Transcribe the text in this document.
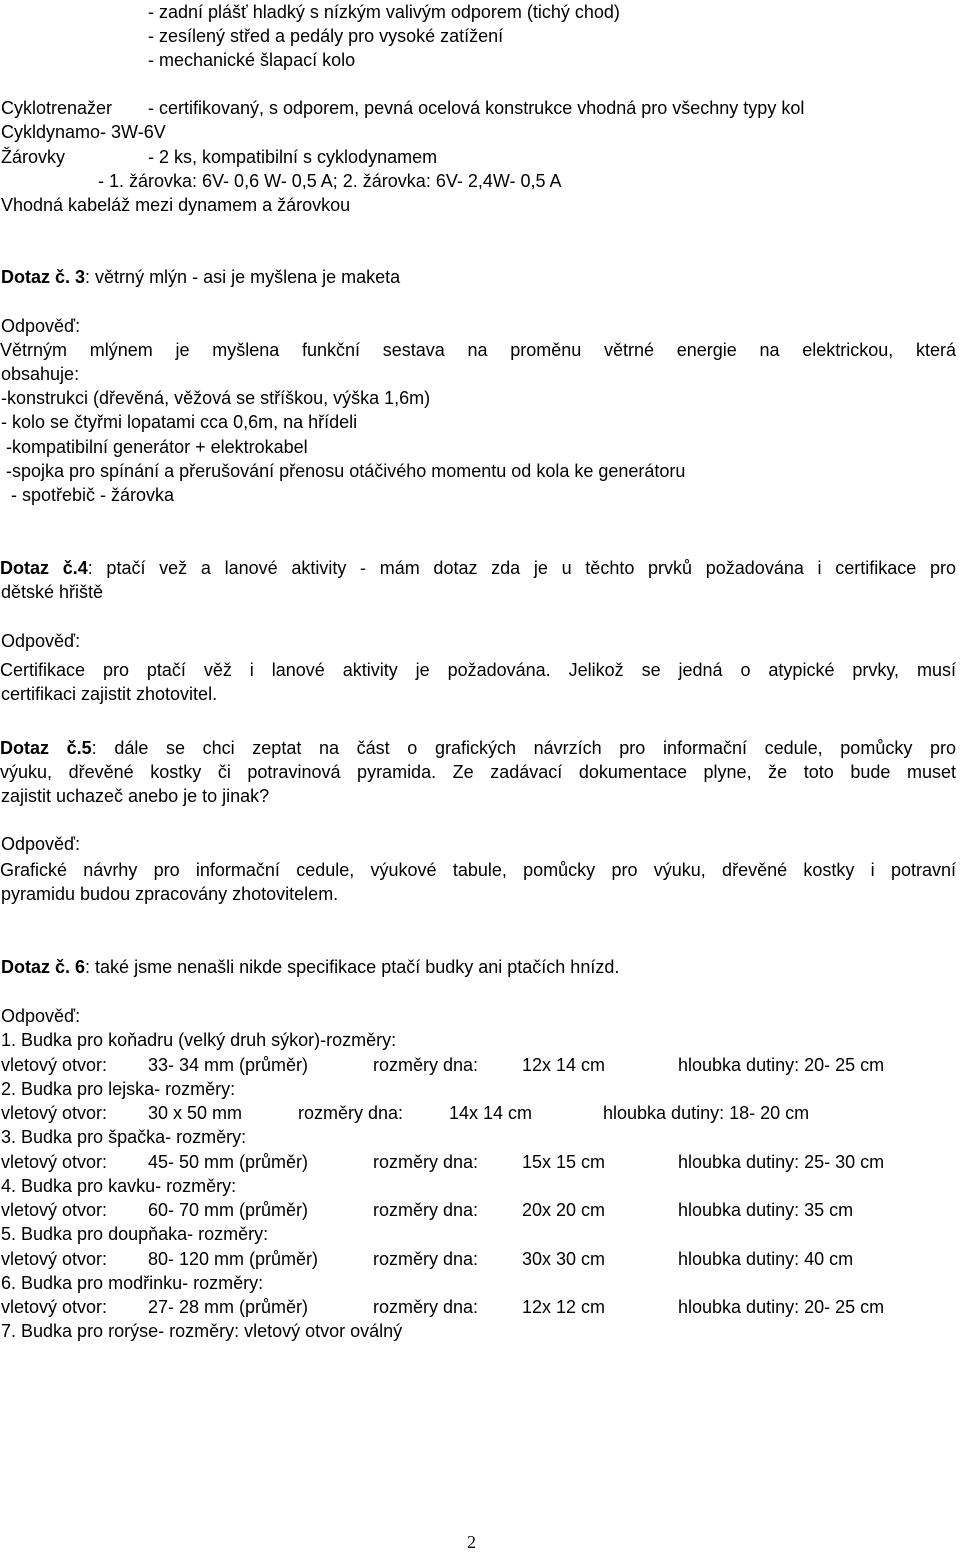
- zadní plášť hladký s nízkým valivým odporem (tichý chod)
- zesílený střed a pedály pro vysoké zatížení
- mechanické šlapací kolo
Cyklotrenažer - certifikovaný, s odporem, pevná ocelová konstrukce vhodná pro všechny typy kol
Cykldynamo- 3W-6V
Žárovky	- 2 ks, kompatibilní s cyklodynamem
- 1. žárovka: 6V- 0,6 W- 0,5 A; 2. žárovka: 6V- 2,4W- 0,5 A
Vhodná kabeláž mezi dynamem a žárovkou
Dotaz č. 3: větrný mlýn - asi je myšlena je maketa
Odpověď:
Větrným mlýnem je myšlena funkční sestava na proměnu větrné energie na elektrickou, která
obsahuje:
-konstrukci (dřevěná, věžová se stříškou, výška 1,6m)
- kolo se čtyřmi lopatami cca 0,6m, na hřídeli
-kompatibilní generátor + elektrokabel
-spojka pro spínání a přerušování přenosu otáčivého momentu od kola ke generátoru
- spotřebič - žárovka
Dotaz č.4: ptačí vež a lanové aktivity - mám dotaz zda je u těchto prvků požadována i certifikace pro
dětské hřiště
Odpověď:
Certifikace pro ptačí věž i lanové aktivity je požadována. Jelikož se jedná o atypické prvky, musí
certifikaci zajistit zhotovitel.
Dotaz č.5: dále se chci zeptat na část o grafických návrzích pro informační cedule, pomůcky pro
výuku, dřevěné kostky či potravinová pyramida. Ze zadávací dokumentace plyne, že toto bude muset
zajistit uchazeč anebo je to jinak?
Odpověď:
Grafické návrhy pro informační cedule, výukové tabule, pomůcky pro výuku, dřevěné kostky i potravní
pyramidu budou zpracovány zhotovitelem.
Dotaz č. 6: také jsme nenašli nikde specifikace ptačí budky ani ptačích hnízd.
Odpověď:
1. Budka pro koňadru (velký druh sýkor)-rozměry:
vletový otvor: 33- 34 mm (průměr)	rozměry dna: 12x 14 cm	hloubka dutiny: 20- 25 cm
2. Budka pro lejska- rozměry:
vletový otvor: 30 x 50 mm	rozměry dna:	14x 14 cm	hloubka dutiny: 18- 20 cm
3. Budka pro špačka- rozměry:
vletový otvor: 45- 50 mm (průměr)	rozměry dna: 15x 15 cm	hloubka dutiny: 25- 30 cm
4. Budka pro kavku- rozměry:
vletový otvor: 60- 70 mm (průměr)	rozměry dna: 20x 20 cm	hloubka dutiny: 35 cm
5. Budka pro doupňaka- rozměry:
vletový otvor: 80- 120 mm (průměr)	rozměry dna: 30x 30 cm	hloubka dutiny: 40 cm
6. Budka pro modřinku- rozměry:
vletový otvor: 27- 28 mm (průměr)	rozměry dna: 12x 12 cm	hloubka dutiny: 20- 25 cm
7. Budka pro rorýse- rozměry: vletový otvor oválný
2
